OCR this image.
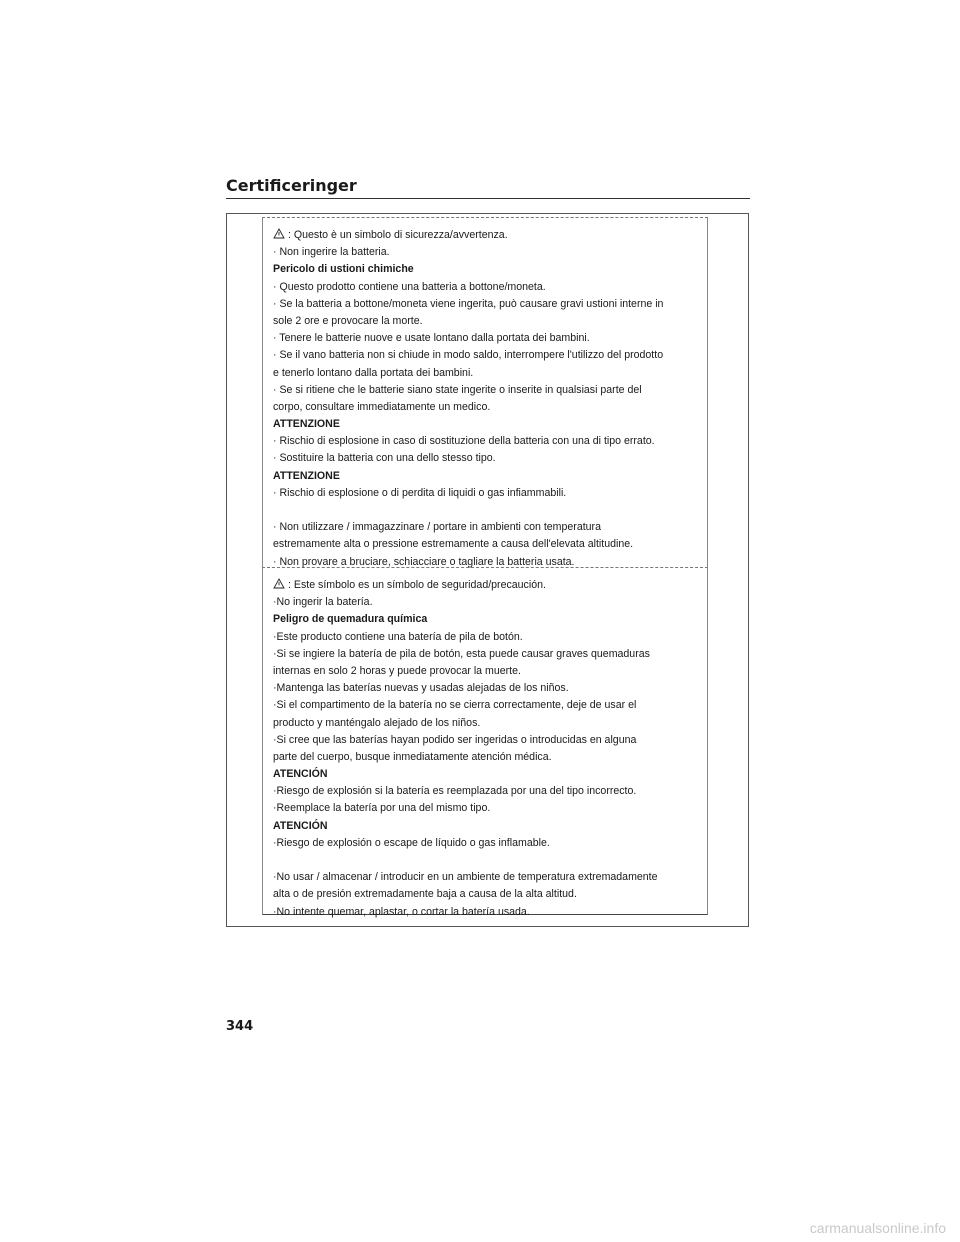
Certificeringer
: Questo è un simbolo di sicurezza/avvertenza.
· Non ingerire la batteria.
Pericolo di ustioni chimiche
· Questo prodotto contiene una batteria a bottone/moneta.
· Se la batteria a bottone/moneta viene ingerita, può causare gravi ustioni interne in
sole 2 ore e provocare la morte.
· Tenere le batterie nuove e usate lontano dalla portata dei bambini.
· Se il vano batteria non si chiude in modo saldo, interrompere l'utilizzo del prodotto
e tenerlo lontano dalla portata dei bambini.
· Se si ritiene che le batterie siano state ingerite o inserite in qualsiasi parte del
corpo, consultare immediatamente un medico.
ATTENZIONE
· Rischio di esplosione in caso di sostituzione della batteria con una di tipo errato.
· Sostituire la batteria con una dello stesso tipo.
ATTENZIONE
· Rischio di esplosione o di perdita di liquidi o gas infiammabili.
· Non utilizzare / immagazzinare / portare in ambienti con temperatura
estremamente alta o pressione estremamente a causa dell'elevata altitudine.
· Non provare a bruciare, schiacciare o tagliare la batteria usata.
: Este símbolo es un símbolo de seguridad/precaución.
·No ingerir la batería.
Peligro de quemadura química
·Este producto contiene una batería de pila de botón.
·Si se ingiere la batería de pila de botón, esta puede causar graves quemaduras
internas en solo 2 horas y puede provocar la muerte.
·Mantenga las baterías nuevas y usadas alejadas de los niños.
·Si el compartimento de la batería no se cierra correctamente, deje de usar el
producto y manténgalo alejado de los niños.
·Si cree que las baterías hayan podido ser ingeridas o introducidas en alguna
parte del cuerpo, busque inmediatamente atención médica.
ATENCIÓN
·Riesgo de explosión si la batería es reemplazada por una del tipo incorrecto.
·Reemplace la batería por una del mismo tipo.
ATENCIÓN
·Riesgo de explosión o escape de líquido o gas inflamable.
·No usar / almacenar / introducir en un ambiente de temperatura extremadamente
alta o de presión extremadamente baja a causa de la alta altitud.
·No intente quemar, aplastar, o cortar la batería usada.
344
carmanualsonline.info
